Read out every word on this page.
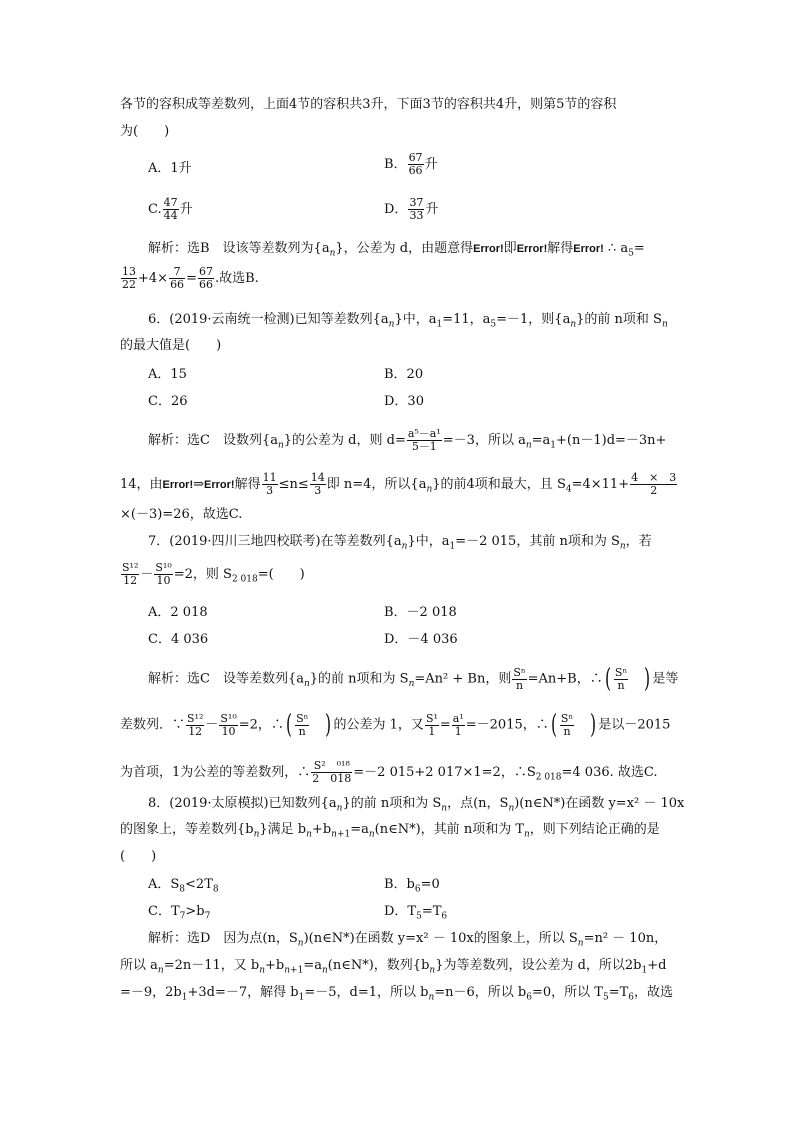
各节的容积成等差数列，上面4节的容积共3升，下面3节的容积共4升，则第5节的容积
为(　　)
A．1升	B． $\frac{67}{66}$ 升
C. $\frac{47}{44}$ 升	D． $\frac{37}{33}$ 升
解析：选B　设该等差数列为$\{a_n\}$，公差为 d，由题意得Error!即Error!解得Error! ∴ $a_5=$
$\frac{13}{22} +4\times \frac{7}{66} = \frac{67}{66}$ .故选B.
6．(2019·云南统一检测)已知等差数列$\{a_n\}$中，$a_1=11$，$a_5=-1$，则$\{a_n\}$的前 n项和 $S_n$
的最大值是(　　)
A．15	B．20
C．26	D．30
解析：选C　设数列$\{a_n\}$的公差为 d，则 $d= \frac{\text{a⁵－a¹}}{5-1} =-3$，所以 $a_n=a_1+(n-1)d=-3n+$
14，由Error!⇒Error!解得 $\frac{11}{3} \le n\le \frac{14}{3}$ 即 n=4，所以$\{a_n\}$的前4项和最大，且 $S_4=4\times 11+ \frac{4 \times 3}{2}$
×(－3)=26，故选C.
7．(2019·四川三地四校联考)在等差数列$\{a_n\}$中，$a_1=-2$ 015，其前 n项和为 $S_n$，若
$\frac{\text{S¹²}}{12} - \frac{\text{S¹⁰}}{10} =2$，则 $S_{2 018}=$(　　)
A．2 018	B．－2 018
C．4 036	D．－4 036
解析：选C　设等差数列$\{a_n\}$的前 n项和为 $S_n=An^2 + Bn$，则 $\frac{\text{Sⁿ}}{n} =An+B$，∴( $\frac{\text{Sⁿ}}{n}$
  ) 是等
差数列．∵ $\frac{\text{S¹²}}{12} - \frac{\text{S¹⁰}}{10} =2$，∴( $\frac{\text{Sⁿ}}{n}$
  ) 的公差为 1，又 $\frac{\text{S¹}}{1} = \frac{\text{a¹}}{1} =-2015$，∴( $\frac{\text{Sⁿ}}{n}$
  ) 是以－2015
为首项，1为公差的等差数列，∴ $\frac{\text{S²　⁰¹⁸}}{2 018} =-2$ 015+2 017×1=2，$\therefore S_{2 018}=4$ 036. 故选C.
8．(2019·太原模拟)已知数列$\{a_n\}$的前 n项和为 $S_n$，点(n，$S_n)(n\in N*)$在函数 y=x² － 10x
的图象上，等差数列$\{b_n\}$满足 $b_n+b_{n+1}=a_n(n\in N*)$，其前 n项和为 $T_n$，则下列结论正确的是
(　　)
A．$S_8<2T_8$	B．$b_6=0$
C．$T_7>b_7$	D．$T_5=T_6$
解析：选D　因为点(n，$S_n)(n\in N*)$在函数 y=x² － 10x的图象上，所以 $S_n=n^2 - 10n$，
所以 $a_n=2n-11$，又 $b_n+b_{n+1}=a_n(n\in N*)$，数列$\{b_n\}$为等差数列，设公差为 d，所以$2b_1+d$
=－9，$2b_1+3d=-7$，解得 $b_1=-5$，d=1，所以 $b_n=n-6$，所以 $b_6=0$，所以 $T_5=T_6$，故选
